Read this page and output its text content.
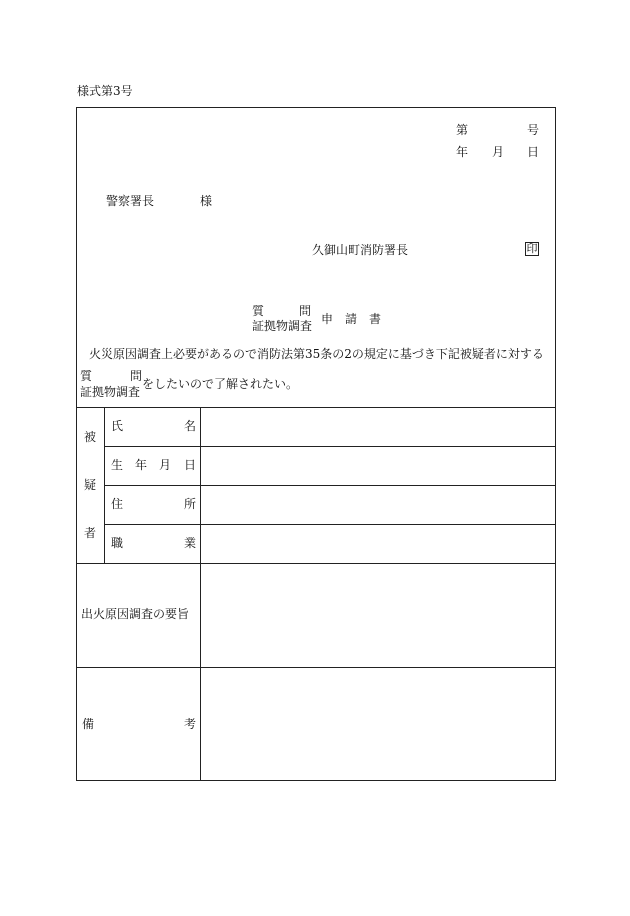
様式第3号
第	号
年 月 日
警察署長	様
久御山町消防署長	印
質	問
証拠物調査 申　請　書
火災原因調査上必要があるので消防法第35条の2の規定に基づき下記被疑者に対する
質	問
証拠物調査
をしたいので了解されたい。
被
疑
者
氏	名
生 年 月 日
住	所
職	業
出火原因調査の要旨
備	考
